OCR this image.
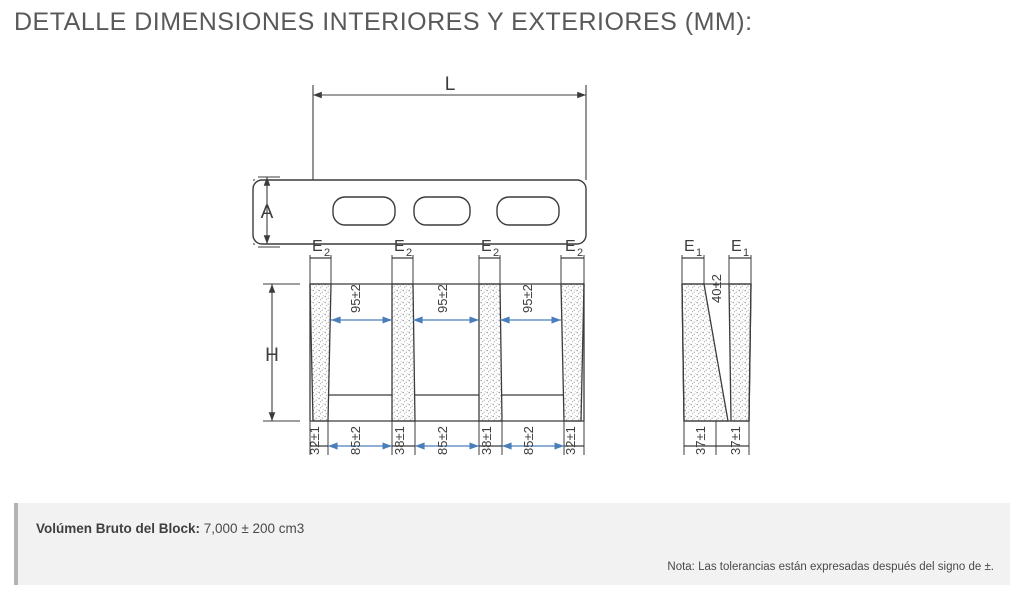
DETALLE DIMENSIONES INTERIORES Y EXTERIORES (MM):
L
A
H
E 2	E 2	E 2	E 2
95±2	95±2	95±2
32±1 85±2 38±1 85±2 38±1 85±2 32±1
E 1 E 1
40±2
37±1 37±1
Volúmen Bruto del Block: 7,000 ± 200 cm3
Nota: Las tolerancias están expresadas después del signo de ±.
